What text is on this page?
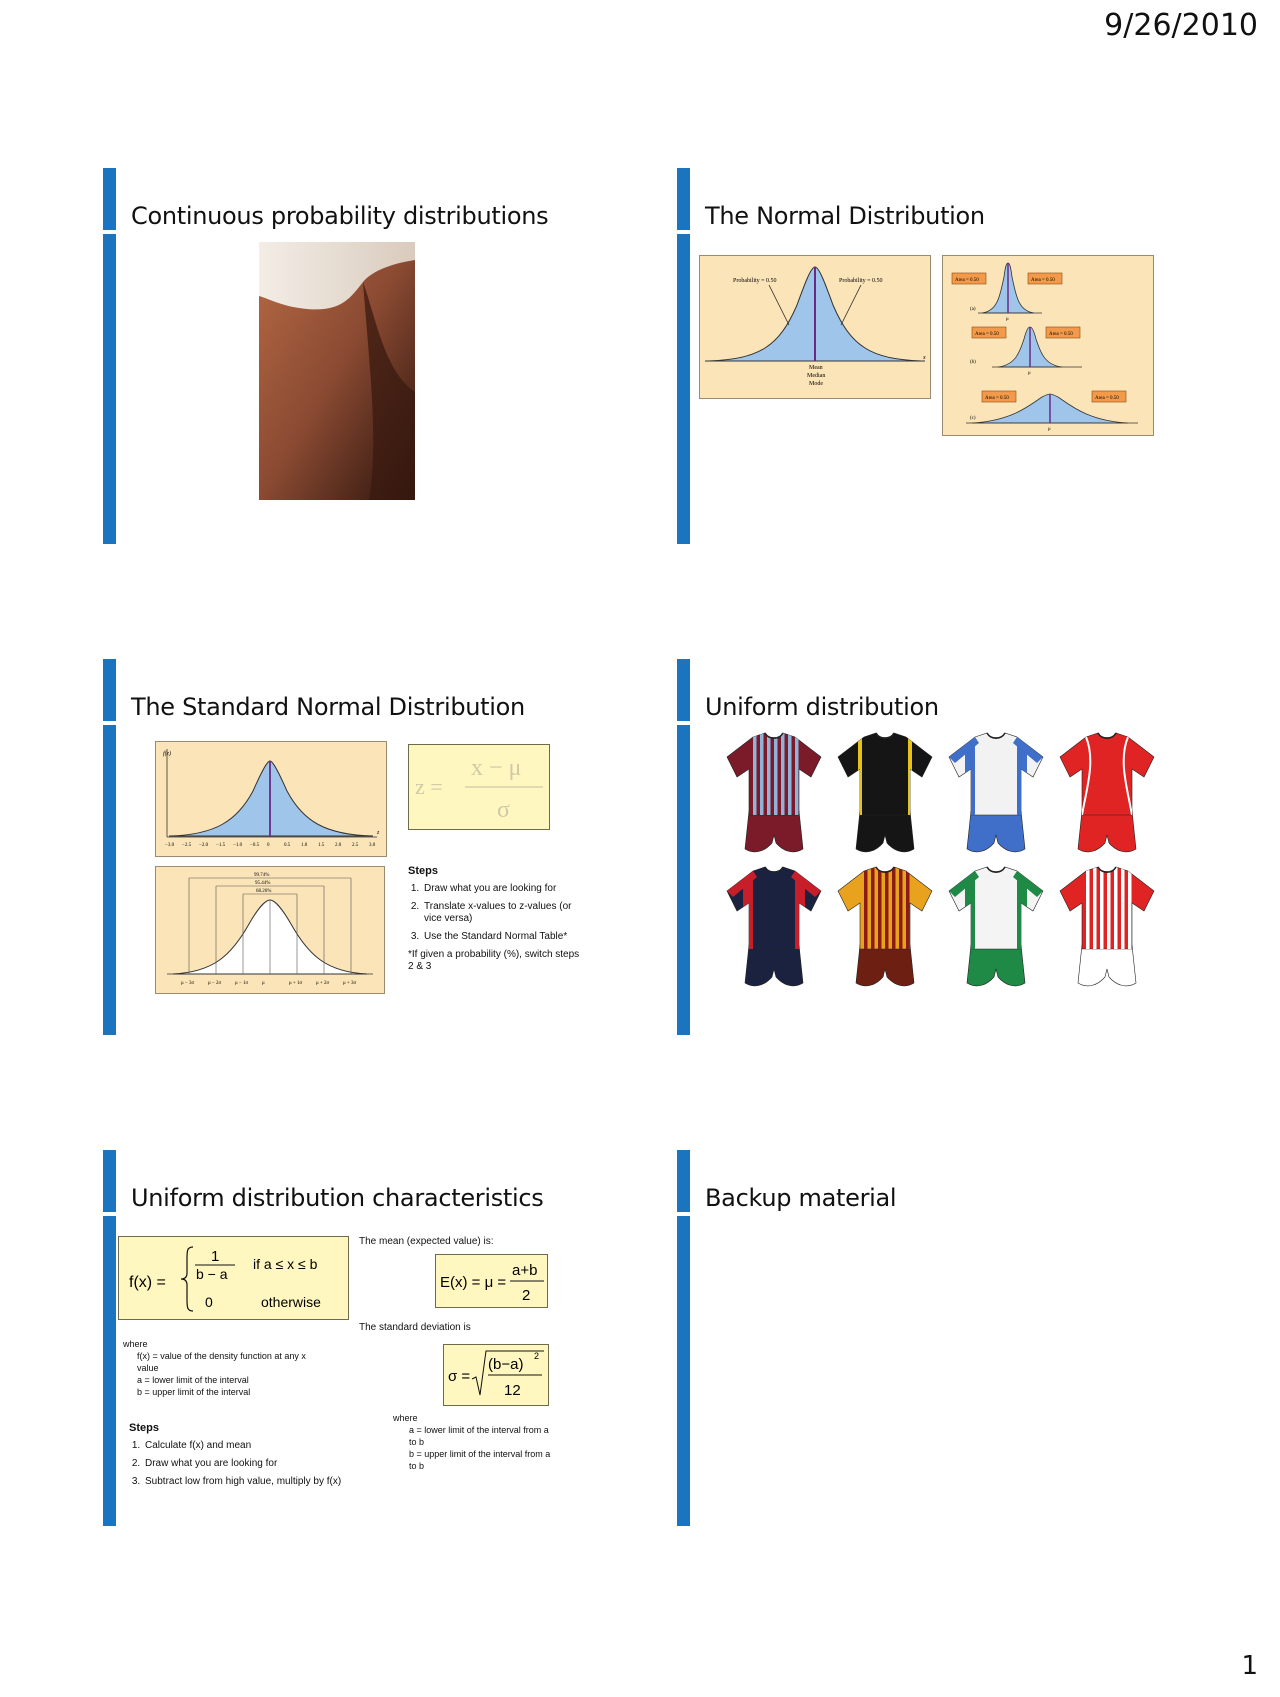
9/26/2010
Continuous probability distributions	The Normal Distribution
Probability = 0.50	Probability = 0.50
Mean
Median
Mode
x
Area = 0.50	Area = 0.50
(a)
μ
Area = 0.50	Area = 0.50
(b)
μ
Area = 0.50	Area = 0.50
(c)
μ
The Standard Normal Distribution
f(z)
z
−3.0 −2.5 −2.0 −1.5 −1.0 −0.5 0	0.5 1.0 1.5 2.0 2.5 3.0
z =
x − μ
σ
99.74%
95.44%
68.26%
μ − 3σ	μ − 2σ	μ − 1σ	μ	μ + 1σ	μ + 2σ	μ + 3σ
Steps
1. Draw what you are looking for
2. Translate x-values to z-values (or vice versa)
3. Use the Standard Normal Table*
*If given a probability (%), switch steps 2 & 3
Uniform distribution
Uniform distribution characteristics
f(x) =
1
b − a
if a ≤ x ≤ b
0	otherwise
where
f(x) = value of the density function at any x value
a = lower limit of the interval
b = upper limit of the interval
Steps
1. Calculate f(x) and mean
2. Draw what you are looking for
3. Subtract low from high value, multiply by f(x)
The mean (expected value) is:
E(x) = μ =
a+b
2
The standard deviation is
σ =
(b−a) 2
12
where
a = lower limit of the interval from a to b
b = upper limit of the interval from a to b
Backup material
1
